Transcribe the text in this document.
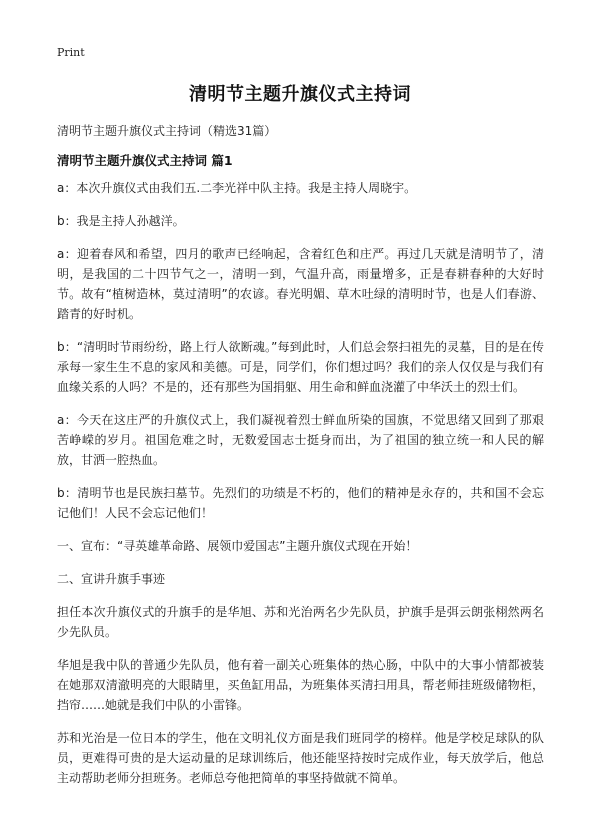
Print
清明节主题升旗仪式主持词
清明节主题升旗仪式主持词（精选31篇）
清明节主题升旗仪式主持词 篇1

a：本次升旗仪式由我们五.二李光祥中队主持。我是主持人周晓宇。

b：我是主持人孙越洋。

a：迎着春风和希望，四月的歌声已经响起，含着红色和庄严。再过几天就是清明节了，清明，是我国的二十四节气之一，清明一到，气温升高，雨量增多，正是春耕春种的大好时节。故有“植树造林，莫过清明”的农谚。春光明媚、草木吐绿的清明时节，也是人们春游、踏青的好时机。

b：“清明时节雨纷纷，路上行人欲断魂。”每到此时，人们总会祭扫祖先的灵墓，目的是在传承每一家生生不息的家风和美德。可是，同学们，你们想过吗？我们的亲人仅仅是与我们有血缘关系的人吗？不是的，还有那些为国捐躯、用生命和鲜血浇灌了中华沃土的烈士们。

a：今天在这庄严的升旗仪式上，我们凝视着烈士鲜血所染的国旗，不觉思绪又回到了那艰苦峥嵘的岁月。祖国危难之时，无数爱国志士挺身而出，为了祖国的独立统一和人民的解放，甘洒一腔热血。

b：清明节也是民族扫墓节。先烈们的功绩是不朽的，他们的精神是永存的，共和国不会忘记他们！人民不会忘记他们！

一、宣布：“寻英雄革命路、展领巾爱国志”主题升旗仪式现在开始！

二、宣讲升旗手事迹

担任本次升旗仪式的升旗手的是华旭、苏和光治两名少先队员，护旗手是弭云朗张栩然两名少先队员。

华旭是我中队的普通少先队员，他有着一副关心班集体的热心肠，中队中的大事小情都被装在她那双清澈明亮的大眼睛里，买鱼缸用品，为班集体买清扫用具，帮老师挂班级储物柜，挡帘……她就是我们中队的小雷锋。

苏和光治是一位日本的学生，他在文明礼仪方面是我们班同学的榜样。他是学校足球队的队员，更难得可贵的是大运动量的足球训练后，他还能坚持按时完成作业，每天放学后，他总主动帮助老师分担班务。老师总夸他把简单的事坚持做就不简单。
